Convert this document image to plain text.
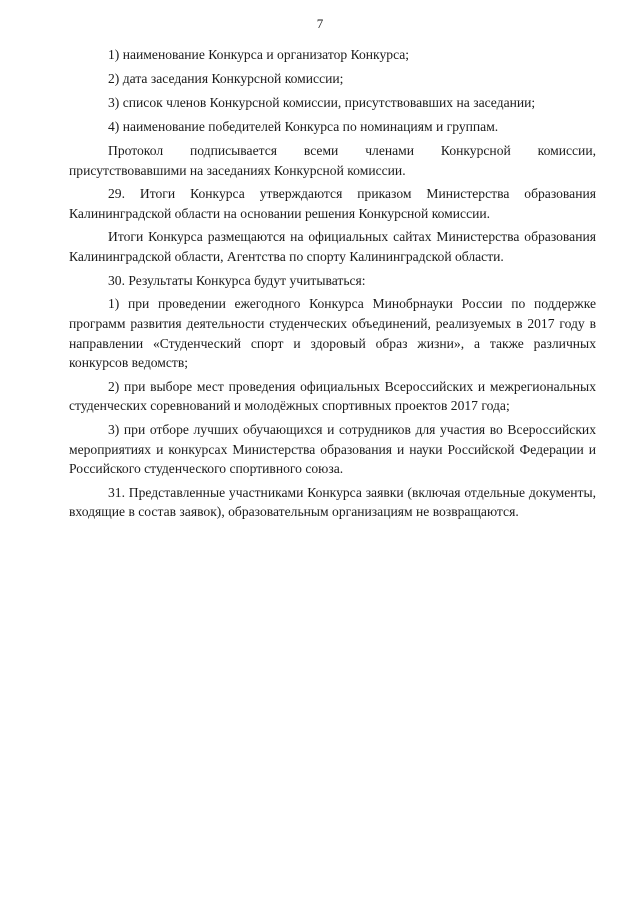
7

1) наименование Конкурса и организатор Конкурса;

2) дата заседания Конкурсной комиссии;

3) список членов Конкурсной комиссии, присутствовавших на заседании;

4) наименование победителей Конкурса по номинациям и группам.

Протокол подписывается всеми членами Конкурсной комиссии, присутствовавшими на заседаниях Конкурсной комиссии.

29. Итоги Конкурса утверждаются приказом Министерства образования Калининградской области на основании решения Конкурсной комиссии.

Итоги Конкурса размещаются на официальных сайтах Министерства образования Калининградской области, Агентства по спорту Калининградской области.

30. Результаты Конкурса будут учитываться:

1) при проведении ежегодного Конкурса Минобрнауки России по поддержке программ развития деятельности студенческих объединений, реализуемых в 2017 году в направлении «Студенческий спорт и здоровый образ жизни», а также различных конкурсов ведомств;

2) при выборе мест проведения официальных Всероссийских и межрегиональных студенческих соревнований и молодёжных спортивных проектов 2017 года;

3) при отборе лучших обучающихся и сотрудников для участия во Всероссийских мероприятиях и конкурсах Министерства образования и науки Российской Федерации и Российского студенческого спортивного союза.

31. Представленные участниками Конкурса заявки (включая отдельные документы, входящие в состав заявок), образовательным организациям не возвращаются.
